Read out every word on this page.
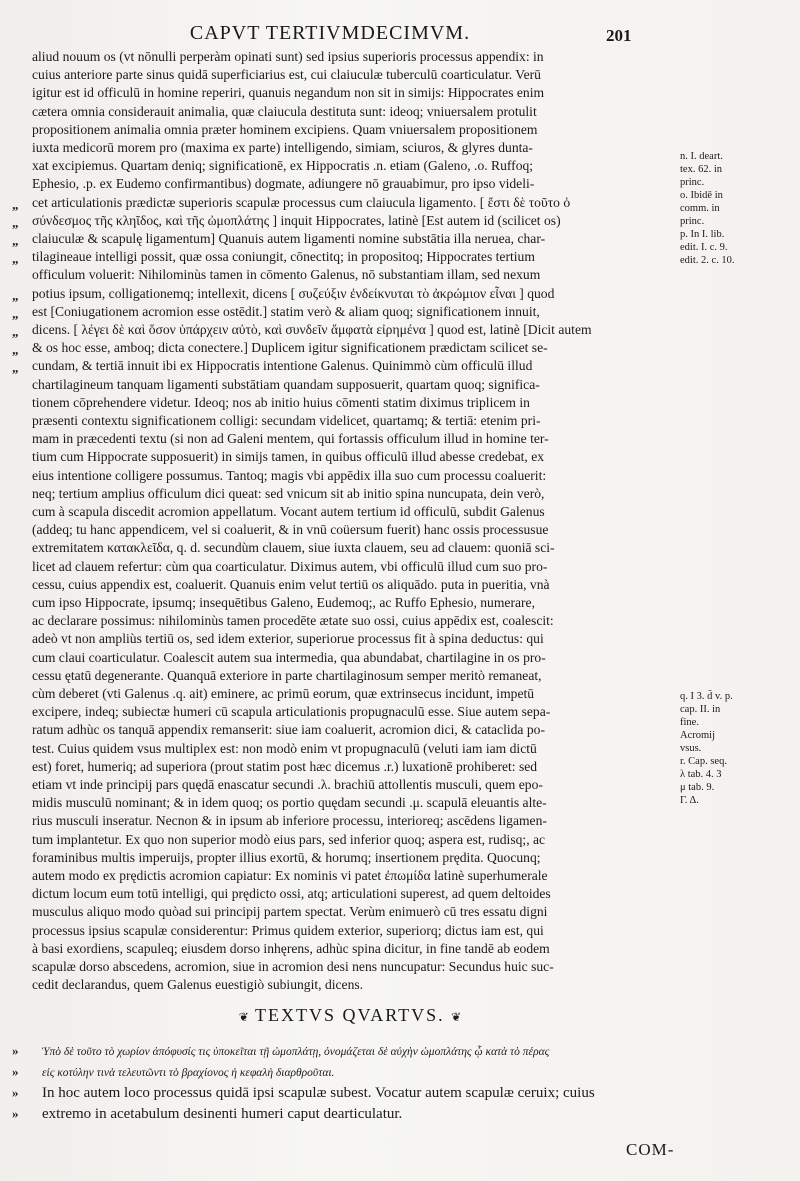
CAPVT TERTIVMDECIMVM.	201
aliud nouum os (vt nōnulli perperàm opinati sunt) sed ipsius superioris processus appendix: in
cuius anteriore parte sinus quidā superficiarius est, cui claiuculæ tuberculū coarticulatur. Verū
igitur est id officulū in homine reperiri, quanuis negandum non sit in simijs: Hippocrates enim
cætera omnia considerauit animalia, quæ claiucula destituta sunt: ideoq; vniuersalem protulit
propositionem animalia omnia præter hominem excipiens. Quam vniuersalem propositionem
iuxta medicorū morem pro (maxima ex parte) intelligendo, simiam, sciuros, & glyres dunta-
xat excipiemus. Quartam deniq; significationē, ex Hippocratis .n. etiam (Galeno, .o. Ruffoq;
Ephesio, .p. ex Eudemo confirmantibus) dogmate, adiungere nō grauabimur, pro ipso videli-
„ cet articulationis prædictæ superioris scapulæ processus cum claiucula ligamento. [ ἔστι δὲ τοῦτο ὁ
„ σύνδεσμος τῆς κληῖδος, καὶ τῆς ὠμοπλάτης ] inquit Hippocrates, latinè [Est autem id (scilicet os)
„ claiuculæ & scapulę ligamentum] Quanuis autem ligamenti nomine substātia illa neruea, char-
„ tilagineaue intelligi possit, quæ ossa coniungit, cōnectitq; in propositoq; Hippocrates tertium
officulum voluerit: Nihilominùs tamen in cōmento Galenus, nō substantiam illam, sed nexum
„ potius ipsum, colligationemq; intellexit, dicens [ συζεύξιν ἐνδείκνυται τὸ ἀκρώμιον εἶναι ] quod
„ est [Coniugationem acromion esse ostēdit.] statim verò & aliam quoq; significationem innuit,
„ dicens. [ λέγει δὲ καὶ ὅσον ὑπάρχειν αὐτὸ, καὶ συνδεῖν ἄμφατὰ εἰρημένα ] quod est, latinè [Dicit autem
„ & os hoc esse, amboq; dicta conectere.] Duplicem igitur significationem prædictam scilicet se-
„ cundam, & tertiā innuit ibi ex Hippocratis intentione Galenus. Quinimmò cùm officulū illud
chartilagineum tanquam ligamenti substātiam quandam supposuerit, quartam quoq; significa-
tionem cōprehendere videtur. Ideoq; nos ab initio huius cōmenti statim diximus triplicem in
præsenti contextu significationem colligi: secundam videlicet, quartamq; & tertiā: etenim pri-
mam in præcedenti textu (si non ad Galeni mentem, qui fortassis officulum illud in homine ter-
tium cum Hippocrate supposuerit) in simijs tamen, in quibus officulū illud abesse credebat, ex
eius intentione colligere possumus. Tantoq; magis vbi appēdix illa suo cum processu coaluerit:
neq; tertium amplius officulum dici queat: sed vnicum sit ab initio spina nuncupata, dein verò,
cum à scapula discedit acromion appellatum. Vocant autem tertium id officulū, subdit Galenus
(addeq; tu hanc appendicem, vel si coaluerit, & in vnū coüersum fuerit) hanc ossis processusue
extremitatem κατακλεῖδα, q. d. secundùm clauem, siue iuxta clauem, seu ad clauem: quoniā sci-
licet ad clauem refertur: cùm qua coarticulatur. Diximus autem, vbi officulū illud cum suo pro-
cessu, cuius appendix est, coaluerit. Quanuis enim velut tertiū os aliquādo. puta in pueritia, vnà
cum ipso Hippocrate, ipsumq; insequētibus Galeno, Eudemoq;, ac Ruffo Ephesio, numerare,
ac declarare possimus: nihilominùs tamen procedēte ætate suo ossi, cuius appēdix est, coalescit:
adeò vt non ampliùs tertiū os, sed idem exterior, superiorue processus fit à spina deductus: qui
cum claui coarticulatur. Coalescit autem sua intermedia, qua abundabat, chartilagine in os pro-
cessu ętatū degenerante. Quanquā exteriore in parte chartilaginosum semper meritò remaneat,
cùm deberet (vti Galenus .q. ait) eminere, ac primū eorum, quæ extrinsecus incidunt, impetū
excipere, indeq; subiectæ humeri cū scapula articulationis propugnaculū esse. Siue autem sepa-
ratum adhùc os tanquā appendix remanserit: siue iam coaluerit, acromion dici, & cataclida po-
test. Cuius quidem vsus multiplex est: non modò enim vt propugnaculū (veluti iam iam dictū
est) foret, humeriq; ad superiora (prout statim post hæc dicemus .r.) luxationē prohiberet: sed
etiam vt inde principij pars quędā enascatur secundi .λ. brachiū attollentis musculi, quem epo-
midis musculū nominant; & in idem quoq; os portio quędam secundi .μ. scapulā eleuantis alte-
rius musculi inseratur. Necnon & in ipsum ab inferiore processu, interioreq; ascēdens ligamen-
tum implantetur. Ex quo non superior modò eius pars, sed inferior quoq; aspera est, rudisq;, ac
foraminibus multis imperuijs, propter illius exortū, & horumq; insertionem prędita. Quocunq;
autem modo ex prędictis acromion capiatur: Ex nominis vi patet ἐπωμίδα latinè superhumerale
dictum locum eum totū intelligi, qui prędicto ossi, atq; articulationi superest, ad quem deltoides
musculus aliquo modo quòad sui principij partem spectat. Verùm enimuerò cū tres essatu digni
processus ipsius scapulæ considerentur: Primus quidem exterior, superiorq; dictus iam est, qui
à basi exordiens, scapuleq; eiusdem dorso inhęrens, adhùc spina dicitur, in fine tandē ab eodem
scapulæ dorso abscedens, acromion, siue in acromion desi nens nuncupatur: Secundus huic suc-
cedit declarandus, quem Galenus euestigiò subiungit, dicens.
❦ TEXTVS QVARTVS. ❦
»	Ὑπὸ δὲ τοῦτο τὸ χωρίον ἀπόφυσίς τις ὑποκεῖται τῇ ὠμοπλάτῃ, ὀνομάζεται δὲ αὐχὴν ὠμοπλάτης ᾧ κατὰ τὸ πέρας
»	εἰς κοτύλην τινὰ τελευτῶντι τὸ βραχίονος ἡ κεφαλὴ διαρθροῦται.
»	In hoc autem loco processus quidā ipsi scapulæ subest. Vocatur autem scapulæ ceruix; cuius
»	extremo in acetabulum desinenti humeri caput dearticulatur.
COM-
n. I. deart.
tex. 62. in
princ.
o. Ibidē in
comm. in
princ.
p. In I. lib.
edit. I. c. 9.
edit. 2. c. 10.
q. I 3. d̄ v. p.
cap. II. in
fine.
Acromij
vsus.
r. Cap. seq.
λ tab. 4. 3
μ tab. 9.
Γ. Δ.
